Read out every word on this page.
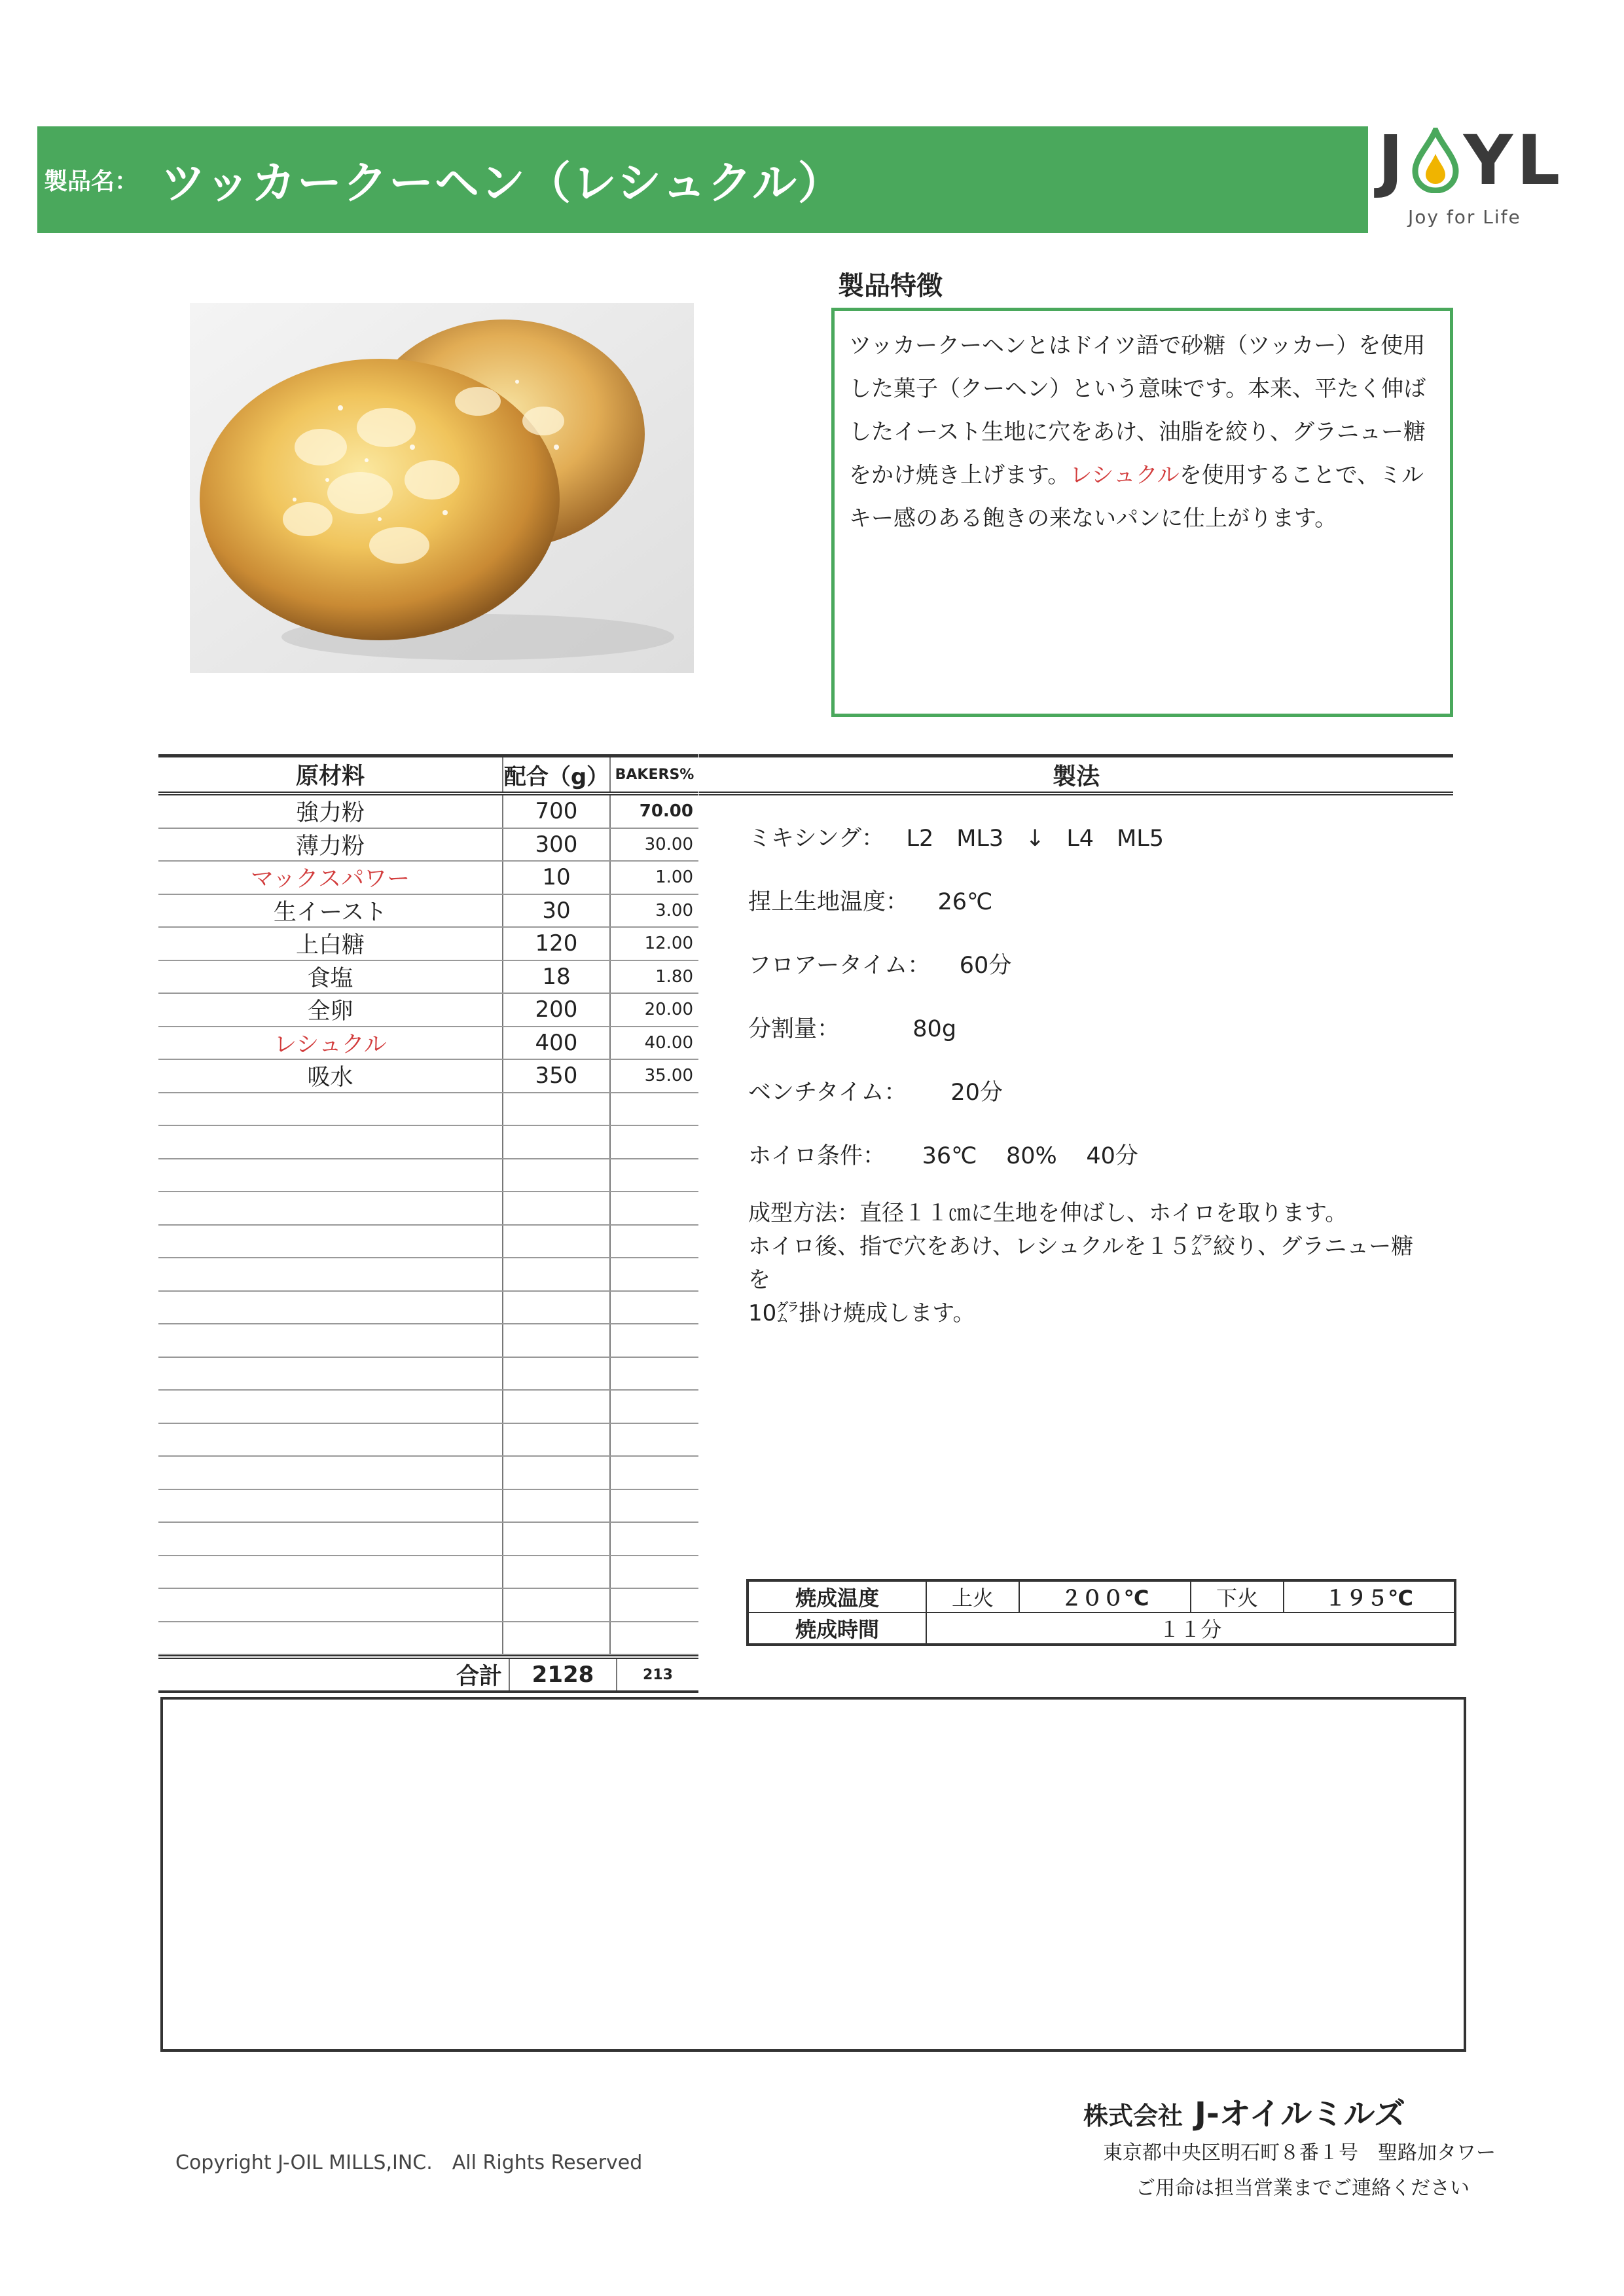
製品名： ツッカークーヘン（レシュクル）	J YL
Joy for Life
製品特徴
ツッカークーヘンとはドイツ語で砂糖（ツッカー）を使用した菓子（クーヘン）という意味です。本来、平たく伸ばしたイースト生地に穴をあけ、油脂を絞り、グラニュー糖をかけ焼き上げます。レシュクルを使用することで、ミルキー感のある飽きの来ないパンに仕上がります。
原材料	配合（g） BAKERS%
強力粉	700	70.00
薄力粉	300	30.00
マックスパワー	10	1.00
生イースト	30	3.00
上白糖	120	12.00
食塩	18	1.80
全卵	200	20.00
レシュクル	400	40.00
吸水	350	35.00
合計	2128	213
製法
ミキシング： L2　ML3 ↓ L4　ML5
捏上生地温度： 26℃
フロアータイム： 60分
分割量：	80g
ベンチタイム： 20分
ホイロ条件： 36℃ 80% 40分
成型方法：直径１１㎝に生地を伸ばし、ホイロを取ります。
ホイロ後、指で穴をあけ、レシュクルを１５㌘絞り、グラニュー糖を
10㌘掛け焼成します。
焼成温度	上火	２００℃	下火	１９５℃
焼成時間	１１分
Copyright J-OIL MILLS,INC.　All Rights Reserved
株式会社 J-オイルミルズ
東京都中央区明石町８番１号　聖路加タワー
ご用命は担当営業までご連絡ください
